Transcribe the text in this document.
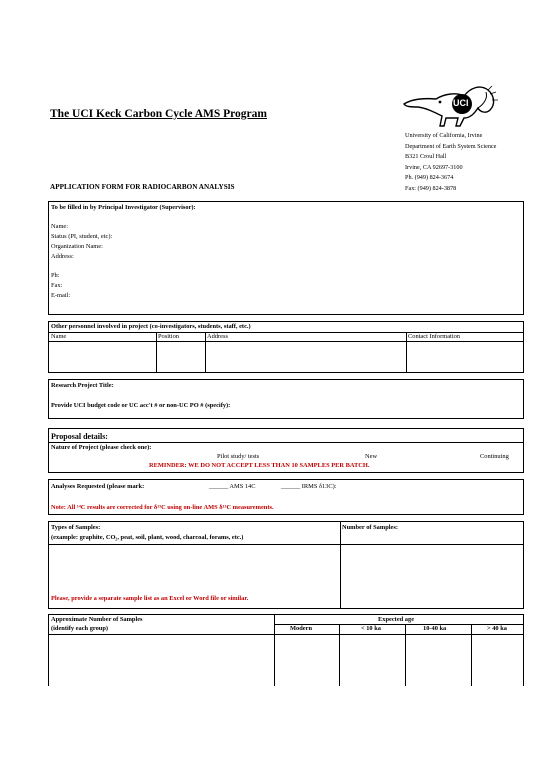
The UCI Keck Carbon Cycle AMS Program
UCI
University of California, Irvine
Department of Earth System Science
B321 Croul Hall
Irvine, CA 92697-3100
Ph. (949) 824-3674
Fax: (949) 824-3878
APPLICATION FORM FOR RADIOCARBON ANALYSIS
To be filled in by Principal Investigator (Supervisor):
Name:
Status (PI, student, etc):
Organization Name:
Address:
Ph:
Fax:
E-mail:
Other personnel involved in project (co-investigators, students, staff, etc.)
Name	Position	Address	Contact Information
Research Project Title:
Provide UCI budget code or UC acc't # or non-UC PO # (specify):
Proposal details:
Nature of Project (please check one):
Pilot study/ tests	New	Continuing
REMINDER: WE DO NOT ACCEPT LESS THAN 10 SAMPLES PER BATCH.
Analyses Requested (please mark:	______ AMS 14C	______ IRMS δ13C):
Note: All ¹⁴C results are corrected for δ¹³C using on-line AMS δ¹³C measurements.
Types of Samples:
(example: graphite, CO₂, peat, soil, plant, wood, charcoal, forams, etc.)
Number of Samples:
Please, provide a separate sample list as an Excel or Word file or similar.
Approximate Number of Samples
(identify each group)
Expected age
Modern	< 10 ka	10-40 ka	> 40 ka
